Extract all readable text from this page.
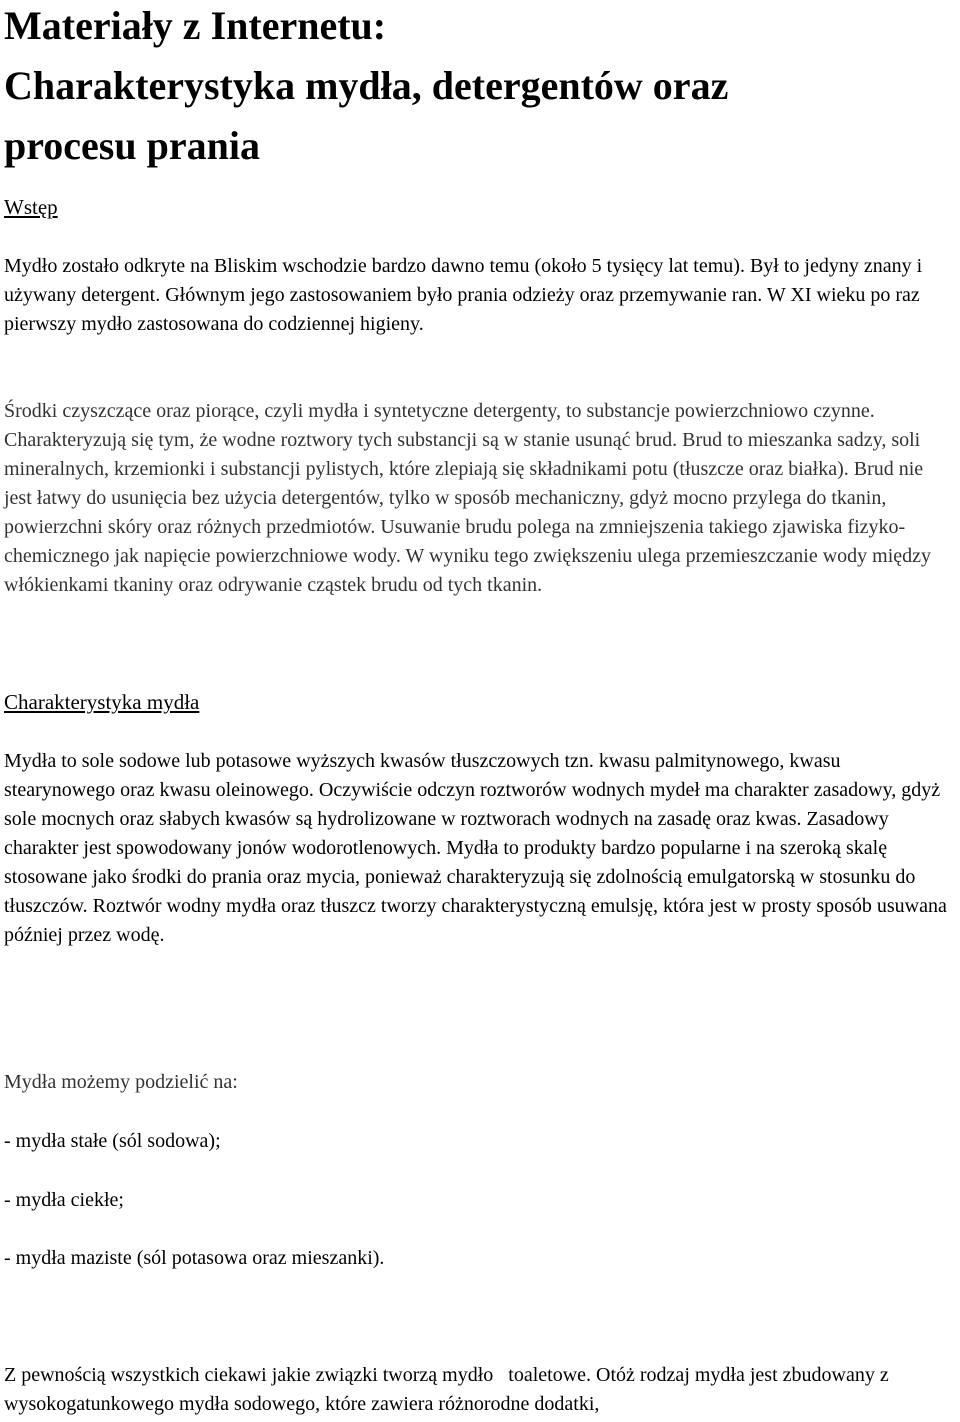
Materiały z Internetu:
Charakterystyka mydła, detergentów oraz
procesu prania
Wstęp

Mydło zostało odkryte na Bliskim wschodzie bardzo dawno temu (około 5 tysięcy lat temu). Był to jedyny znany i używany detergent. Głównym jego zastosowaniem było prania odzieży oraz przemywanie ran. W XI wieku po raz pierwszy mydło zastosowana do codziennej higieny.

Środki czyszczące oraz piorące, czyli mydła i syntetyczne detergenty, to substancje powierzchniowo czynne. Charakteryzują się tym, że wodne roztwory tych substancji są w stanie usunąć brud. Brud to mieszanka sadzy, soli mineralnych, krzemionki i substancji pylistych, które zlepiają się składnikami potu (tłuszcze oraz białka). Brud nie jest łatwy do usunięcia bez użycia detergentów, tylko w sposób mechaniczny, gdyż mocno przylega do tkanin, powierzchni skóry oraz różnych przedmiotów. Usuwanie brudu polega na zmniejszenia takiego zjawiska fizyko-chemicznego jak napięcie powierzchniowe wody. W wyniku tego zwiększeniu ulega przemieszczanie wody między włókienkami tkaniny oraz odrywanie cząstek brudu od tych tkanin.

Charakterystyka mydła

Mydła to sole sodowe lub potasowe wyższych kwasów tłuszczowych tzn. kwasu palmitynowego, kwasu stearynowego oraz kwasu oleinowego. Oczywiście odczyn roztworów wodnych mydeł ma charakter zasadowy, gdyż sole mocnych oraz słabych kwasów są hydrolizowane w roztworach wodnych na zasadę oraz kwas. Zasadowy charakter jest spowodowany jonów wodorotlenowych. Mydła to produkty bardzo popularne i na szeroką skalę stosowane jako środki do prania oraz mycia, ponieważ charakteryzują się zdolnością emulgatorską w stosunku do tłuszczów. Roztwór wodny mydła oraz tłuszcz tworzy charakterystyczną emulsję, która jest w prosty sposób usuwana później przez wodę.

Mydła możemy podzielić na:

- mydła stałe (sól sodowa);

- mydła ciekłe;

- mydła maziste (sól potasowa oraz mieszanki).

Z pewnością wszystkich ciekawi jakie związki tworzą mydło   toaletowe. Otóż rodzaj mydła jest zbudowany z wysokogatunkowego mydła sodowego, które zawiera różnorodne dodatki,
